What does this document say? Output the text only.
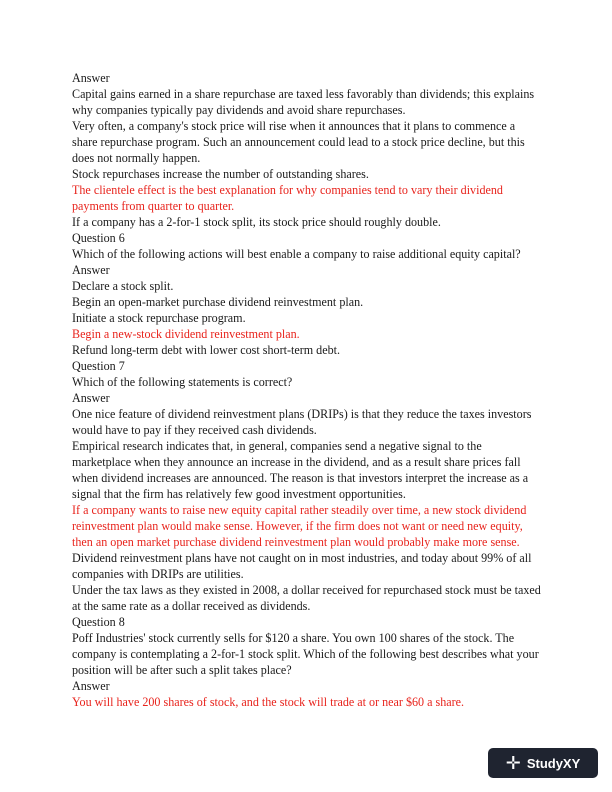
Answer

Capital gains earned in a share repurchase are taxed less favorably than dividends; this explains why companies typically pay dividends and avoid share repurchases.

Very often, a company's stock price will rise when it announces that it plans to commence a share repurchase program. Such an announcement could lead to a stock price decline, but this does not normally happen.

Stock repurchases increase the number of outstanding shares.

The clientele effect is the best explanation for why companies tend to vary their dividend payments from quarter to quarter.

If a company has a 2-for-1 stock split, its stock price should roughly double.

Question 6

Which of the following actions will best enable a company to raise additional equity capital?

Answer

Declare a stock split.

Begin an open-market purchase dividend reinvestment plan.

Initiate a stock repurchase program.

Begin a new-stock dividend reinvestment plan.

Refund long-term debt with lower cost short-term debt.

Question 7

Which of the following statements is correct?

Answer

One nice feature of dividend reinvestment plans (DRIPs) is that they reduce the taxes investors would have to pay if they received cash dividends.

Empirical research indicates that, in general, companies send a negative signal to the marketplace when they announce an increase in the dividend, and as a result share prices fall when dividend increases are announced. The reason is that investors interpret the increase as a signal that the firm has relatively few good investment opportunities.

If a company wants to raise new equity capital rather steadily over time, a new stock dividend reinvestment plan would make sense. However, if the firm does not want or need new equity, then an open market purchase dividend reinvestment plan would probably make more sense.

Dividend reinvestment plans have not caught on in most industries, and today about 99% of all companies with DRIPs are utilities.

Under the tax laws as they existed in 2008, a dollar received for repurchased stock must be taxed at the same rate as a dollar received as dividends.

Question 8

Poff Industries' stock currently sells for $120 a share. You own 100 shares of the stock. The company is contemplating a 2-for-1 stock split. Which of the following best describes what your position will be after such a split takes place?

Answer

You will have 200 shares of stock, and the stock will trade at or near $60 a share.

✛ StudyXY
